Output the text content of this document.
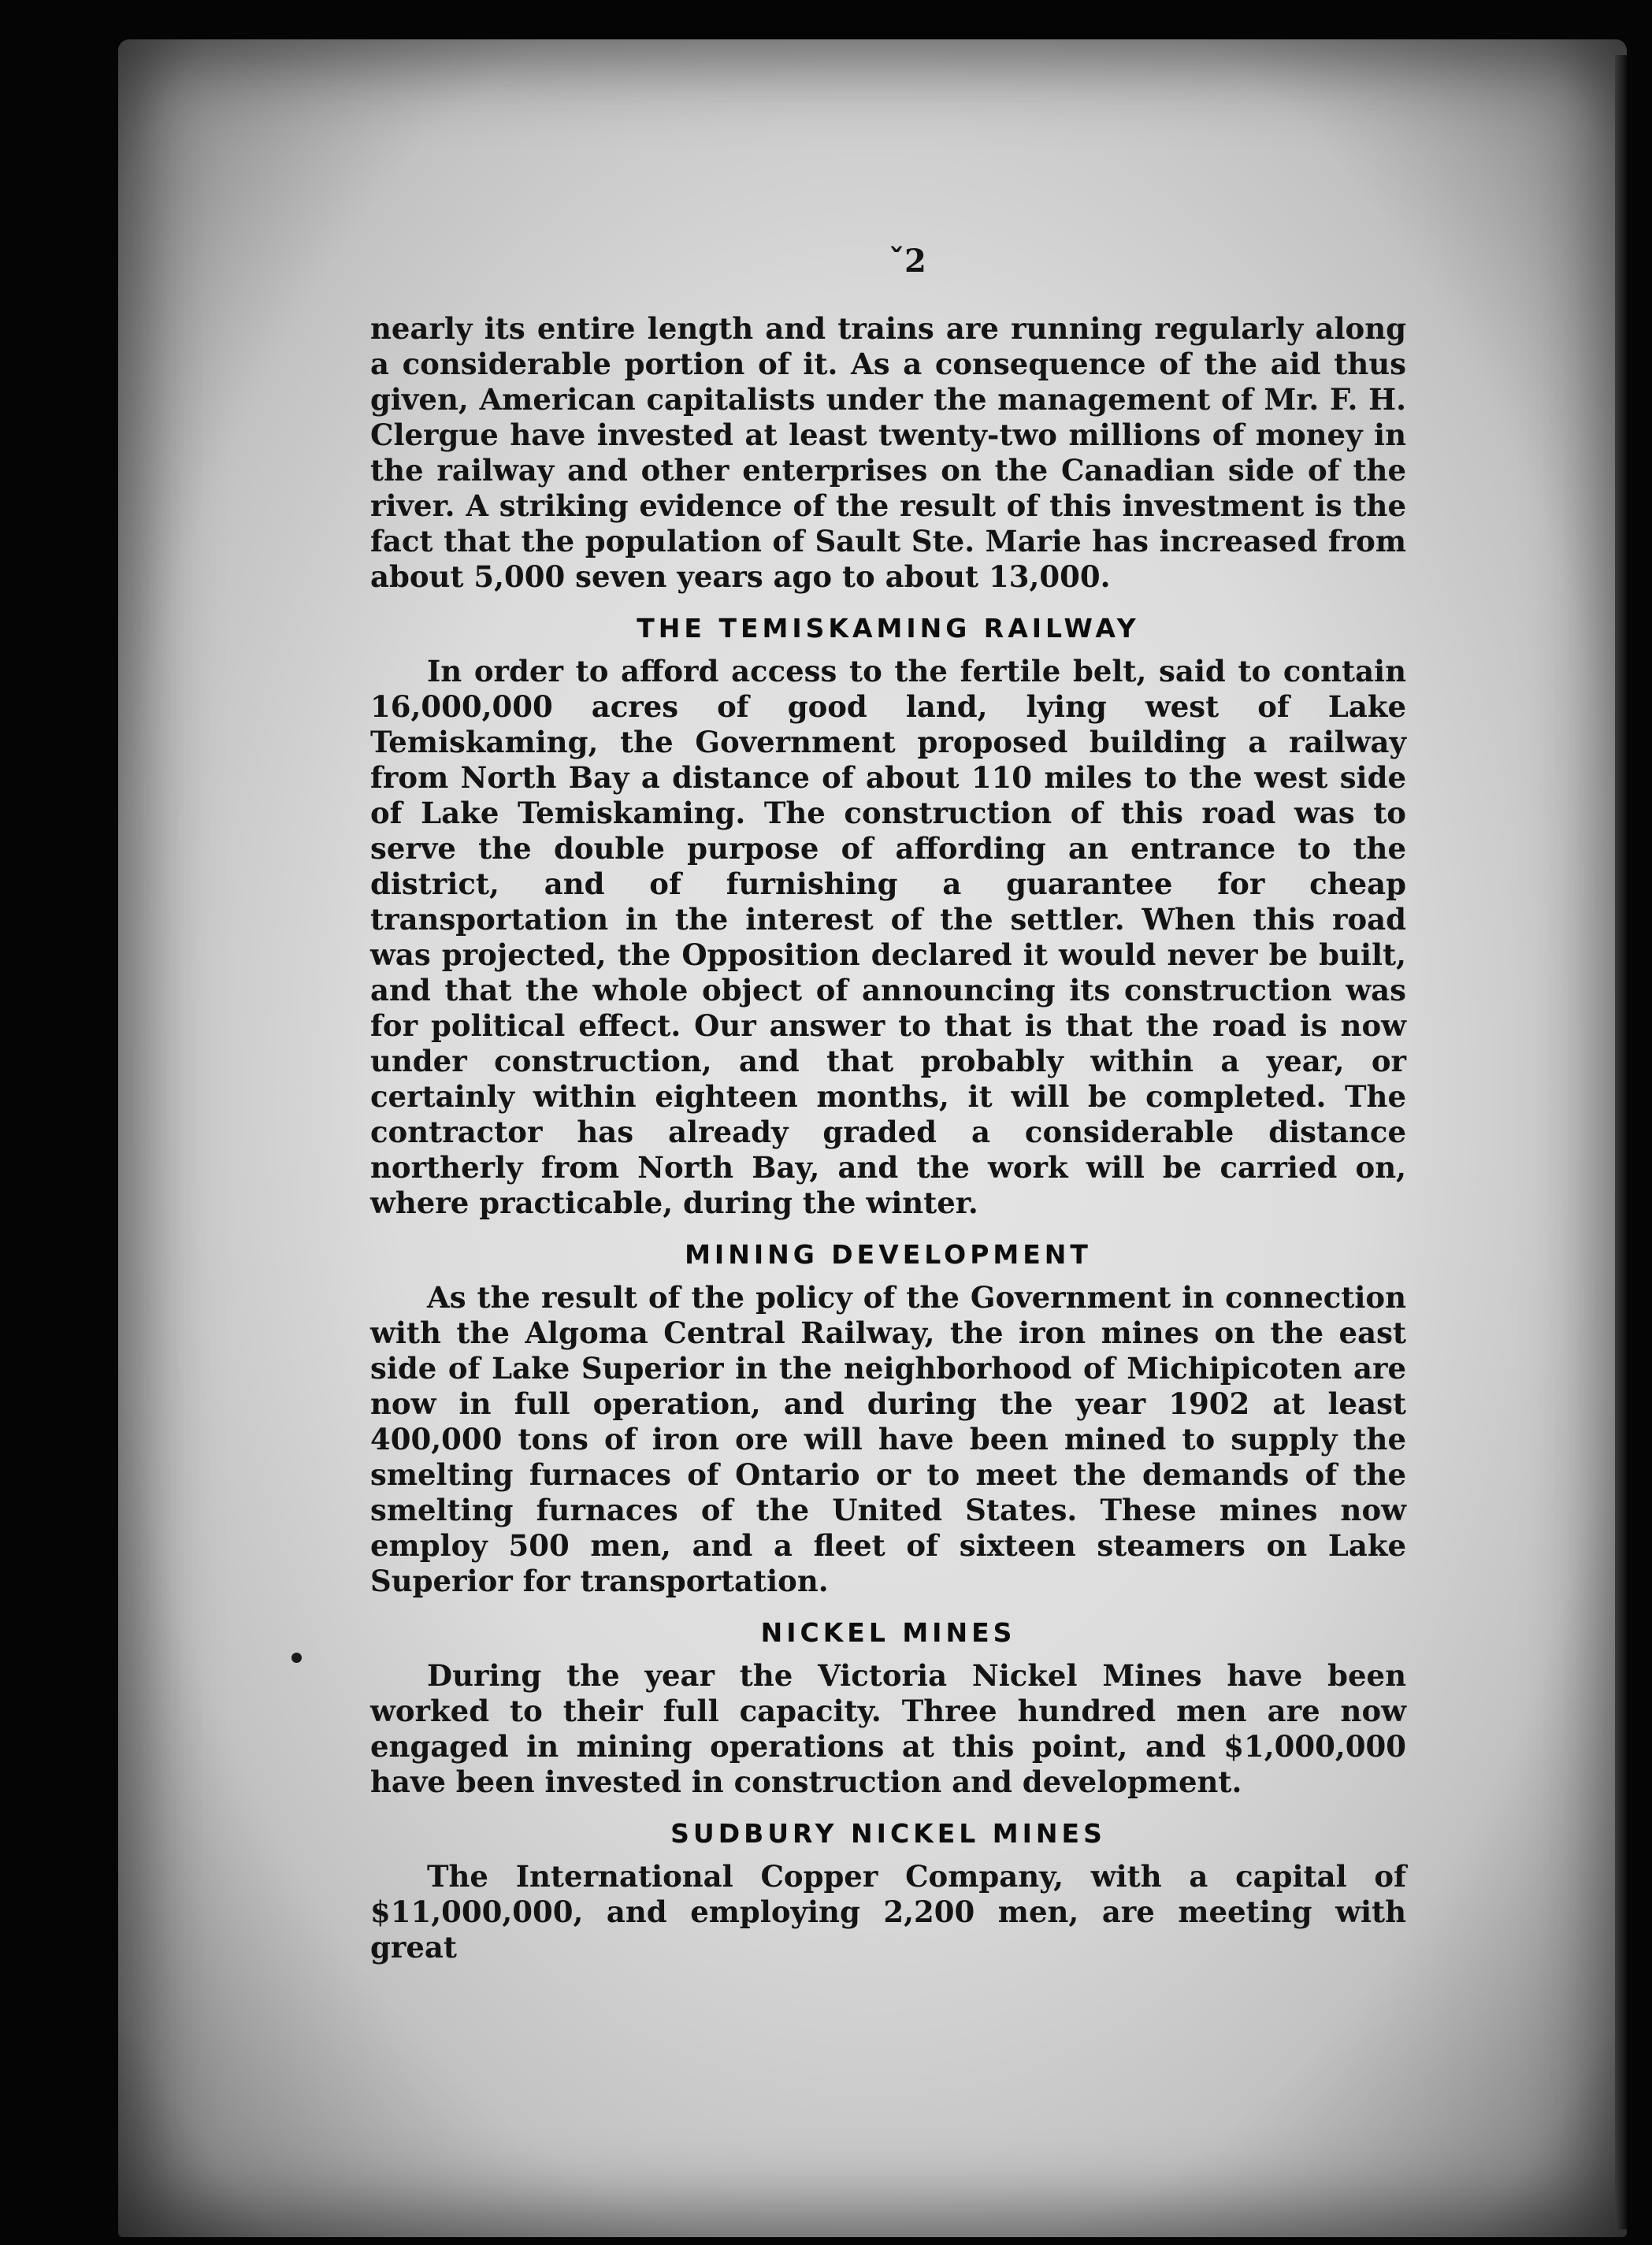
ˇ2

nearly its entire length and trains are running regularly along a considerable portion of it. As a consequence of the aid thus given, American capitalists under the management of Mr. F. H. Clergue have invested at least twenty-two millions of money in the railway and other enterprises on the Canadian side of the river. A striking evidence of the result of this investment is the fact that the population of Sault Ste. Marie has increased from about 5,000 seven years ago to about 13,000.

THE TEMISKAMING RAILWAY

In order to afford access to the fertile belt, said to contain 16,000,000 acres of good land, lying west of Lake Temiskaming, the Government proposed building a railway from North Bay a distance of about 110 miles to the west side of Lake Temiskaming. The construction of this road was to serve the double purpose of affording an entrance to the district, and of furnishing a guarantee for cheap transportation in the interest of the settler. When this road was projected, the Opposition declared it would never be built, and that the whole object of announcing its construction was for political effect. Our answer to that is that the road is now under construction, and that probably within a year, or certainly within eighteen months, it will be completed. The contractor has already graded a considerable distance northerly from North Bay, and the work will be carried on, where practicable, during the winter.

MINING DEVELOPMENT

As the result of the policy of the Government in connection with the Algoma Central Railway, the iron mines on the east side of Lake Superior in the neighborhood of Michipicoten are now in full operation, and during the year 1902 at least 400,000 tons of iron ore will have been mined to supply the smelting furnaces of Ontario or to meet the demands of the smelting furnaces of the United States. These mines now employ 500 men, and a fleet of sixteen steamers on Lake Superior for transportation.

NICKEL MINES

During the year the Victoria Nickel Mines have been worked to their full capacity. Three hundred men are now engaged in mining operations at this point, and $1,000,000 have been invested in construction and development.

SUDBURY NICKEL MINES

The International Copper Company, with a capital of $11,000,000, and employing 2,200 men, are meeting with great
